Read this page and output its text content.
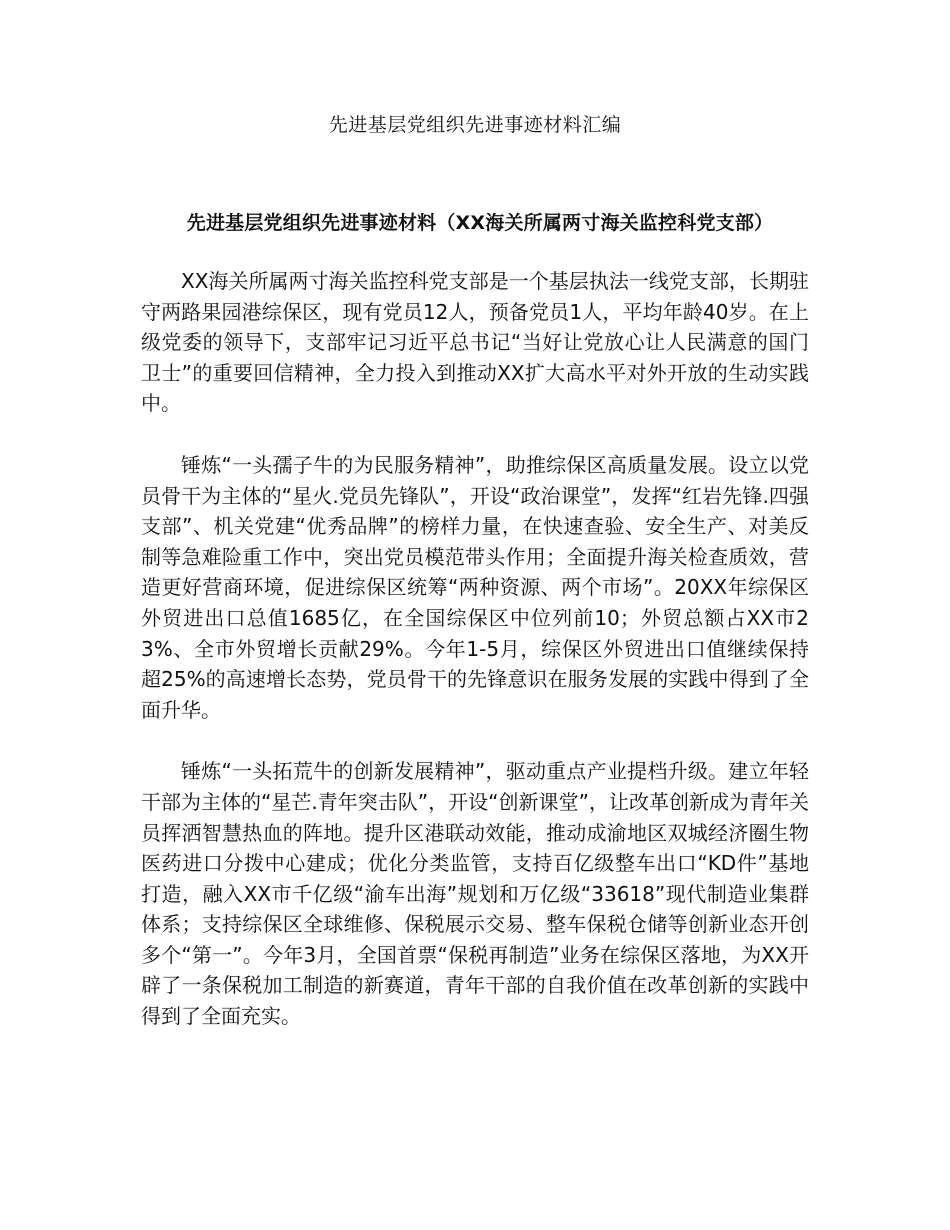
先进基层党组织先进事迹材料汇编
先进基层党组织先进事迹材料（XX海关所属两寸海关监控科党支部）

XX海关所属两寸海关监控科党支部是一个基层执法一线党支部，长期驻守两路果园港综保区，现有党员12人，预备党员1人，平均年龄40岁。在上级党委的领导下，支部牢记习近平总书记“当好让党放心让人民满意的国门卫士”的重要回信精神，全力投入到推动XX扩大高水平对外开放的生动实践中。

锤炼“一头孺子牛的为民服务精神”，助推综保区高质量发展。设立以党员骨干为主体的“星火.党员先锋队”，开设“政治课堂”，发挥“红岩先锋.四强支部”、机关党建“优秀品牌”的榜样力量，在快速查验、安全生产、对美反制等急难险重工作中，突出党员模范带头作用；全面提升海关检查质效，营造更好营商环境，促进综保区统筹“两种资源、两个市场”。20XX年综保区外贸进出口总值1685亿，在全国综保区中位列前10；外贸总额占XX市23%、全市外贸增长贡献29%。今年1-5月，综保区外贸进出口值继续保持超25%的高速增长态势，党员骨干的先锋意识在服务发展的实践中得到了全面升华。

锤炼“一头拓荒牛的创新发展精神”，驱动重点产业提档升级。建立年轻干部为主体的“星芒.青年突击队”，开设“创新课堂”，让改革创新成为青年关员挥洒智慧热血的阵地。提升区港联动效能，推动成渝地区双城经济圈生物医药进口分拨中心建成；优化分类监管，支持百亿级整车出口“KD件”基地打造，融入XX市千亿级“渝车出海”规划和万亿级“33618”现代制造业集群体系；支持综保区全球维修、保税展示交易、整车保税仓储等创新业态开创多个“第一”。今年3月，全国首票“保税再制造”业务在综保区落地，为XX开辟了一条保税加工制造的新赛道，青年干部的自我价值在改革创新的实践中得到了全面充实。
